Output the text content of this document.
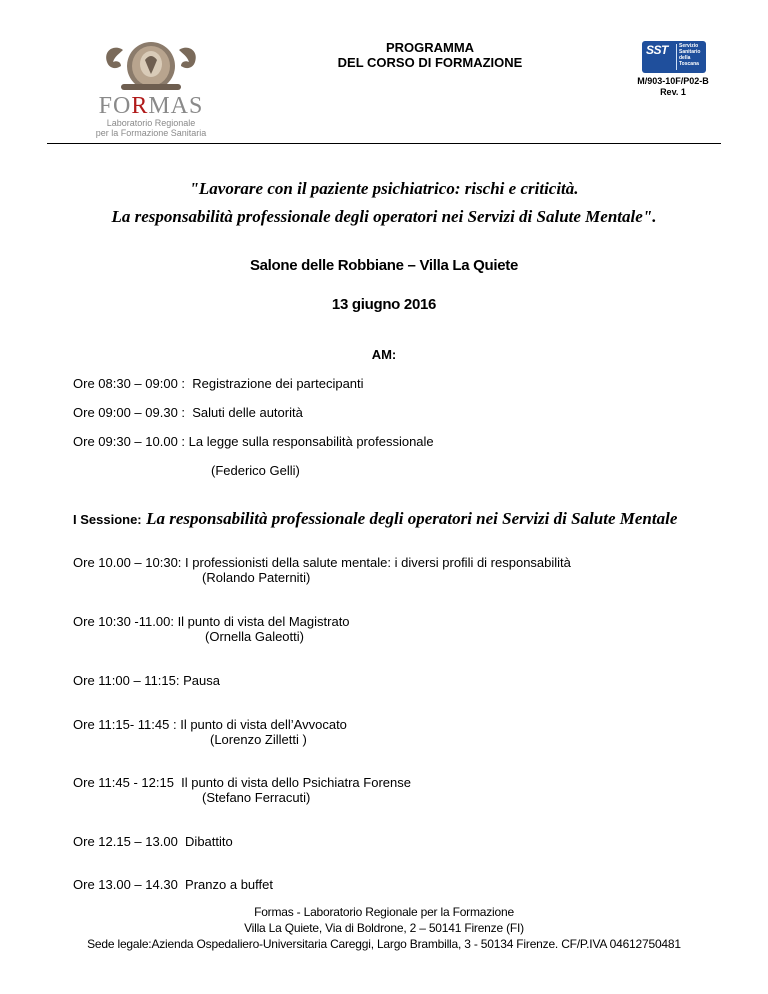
FORMAS
Laboratorio Regionale
per la Formazione Sanitaria
PROGRAMMA
DEL CORSO DI FORMAZIONE
SST Servizio
Sanitario
della
Toscana
M/903-10F/P02-B
Rev. 1
"Lavorare con il paziente psichiatrico: rischi e criticità.
La responsabilità professionale degli operatori nei Servizi di Salute Mentale".
Salone delle Robbiane – Villa La Quiete
13 giugno 2016
AM:
Ore 08:30 – 09:00 : Registrazione dei partecipanti
Ore 09:00 – 09.30 : Saluti delle autorità
Ore 09:30 – 10.00 : La legge sulla responsabilità professionale
(Federico Gelli)
I Sessione: La responsabilità professionale degli operatori nei Servizi di Salute Mentale
Ore 10.00 – 10:30: I professionisti della salute mentale: i diversi profili di responsabilità
(Rolando Paterniti)
Ore 10:30 -11.00: Il punto di vista del Magistrato
(Ornella Galeotti)
Ore 11:00 – 11:15: Pausa
Ore 11:15- 11:45 : Il punto di vista dell’Avvocato
(Lorenzo Zilletti )
Ore 11:45 - 12:15 Il punto di vista dello Psichiatra Forense
(Stefano Ferracuti)
Ore 12.15 – 13.00 Dibattito
Ore 13.00 – 14.30 Pranzo a buffet
Formas - Laboratorio Regionale per la Formazione
Villa La Quiete, Via di Boldrone, 2 – 50141 Firenze (FI)
Sede legale:Azienda Ospedaliero-Universitaria Careggi, Largo Brambilla, 3 - 50134 Firenze. CF/P.IVA 04612750481
